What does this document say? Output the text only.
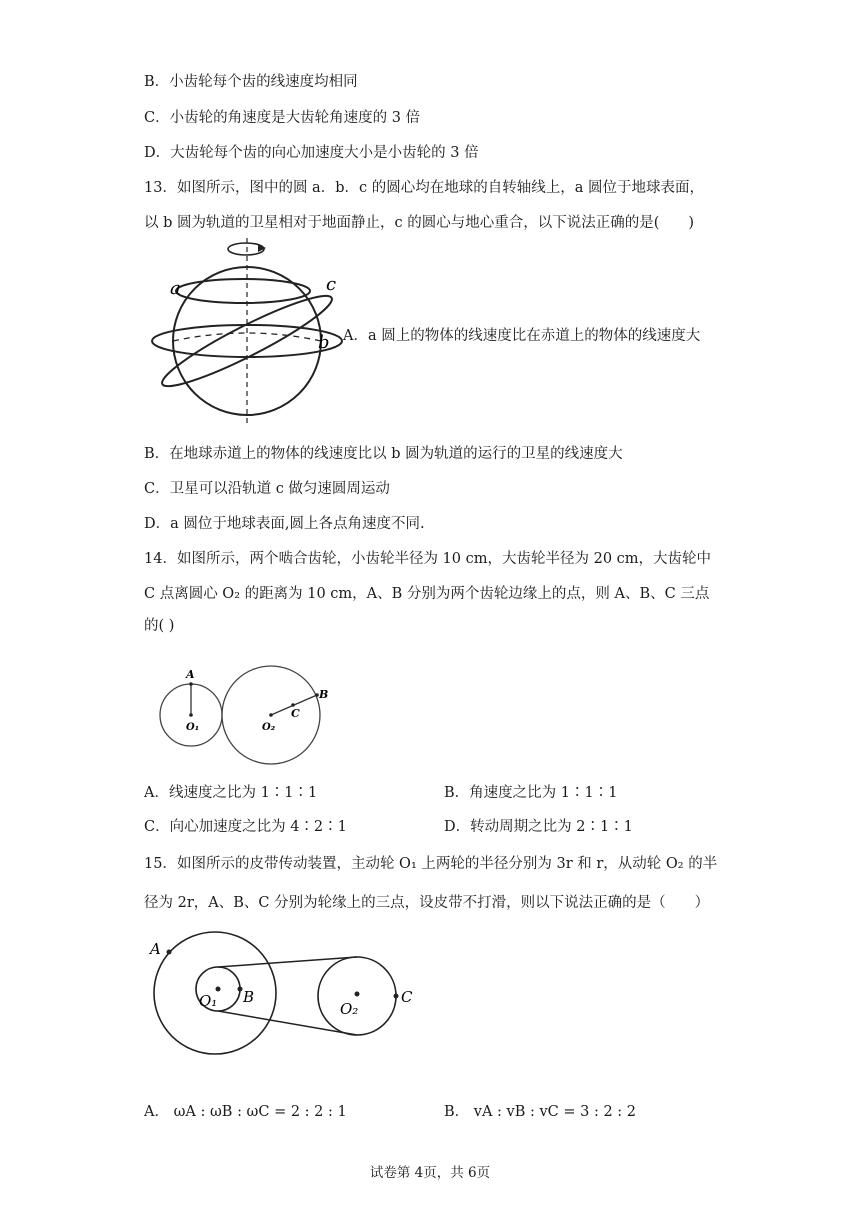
B．小齿轮每个齿的线速度均相同
C．小齿轮的角速度是大齿轮角速度的 3 倍
D．大齿轮每个齿的向心加速度大小是小齿轮的 3 倍
13．如图所示，图中的圆 a．b．c 的圆心均在地球的自转轴线上，a 圆位于地球表面，
以 b 圆为轨道的卫星相对于地面静止，c 的圆心与地心重合，以下说法正确的是(　　)
a	c
b A．a 圆上的物体的线速度比在赤道上的物体的线速度大
B．在地球赤道上的物体的线速度比以 b 圆为轨道的运行的卫星的线速度大
C．卫星可以沿轨道 c 做匀速圆周运动
D．a 圆位于地球表面,圆上各点角速度不同.
14．如图所示，两个啮合齿轮，小齿轮半径为 10 cm，大齿轮半径为 20 cm，大齿轮中
C 点离圆心 O₂ 的距离为 10 cm，A、B 分别为两个齿轮边缘上的点，则 A、B、C 三点
的( )
A
O₁	O₂
C
B
A．线速度之比为 1∶1∶1	B．角速度之比为 1∶1∶1
C．向心加速度之比为 4∶2∶1	D．转动周期之比为 2∶1∶1
15．如图所示的皮带传动装置，主动轮 O₁ 上两轮的半径分别为 3r 和 r，从动轮 O₂ 的半
径为 2r，A、B、C 分别为轮缘上的三点，设皮带不打滑，则以下说法正确的是（　　）
A
O₁ B
O₂
C
A． ωA : ωB : ωC = 2 : 2 : 1	B． vA : vB : vC = 3 : 2 : 2
试卷第 4页，共 6页
